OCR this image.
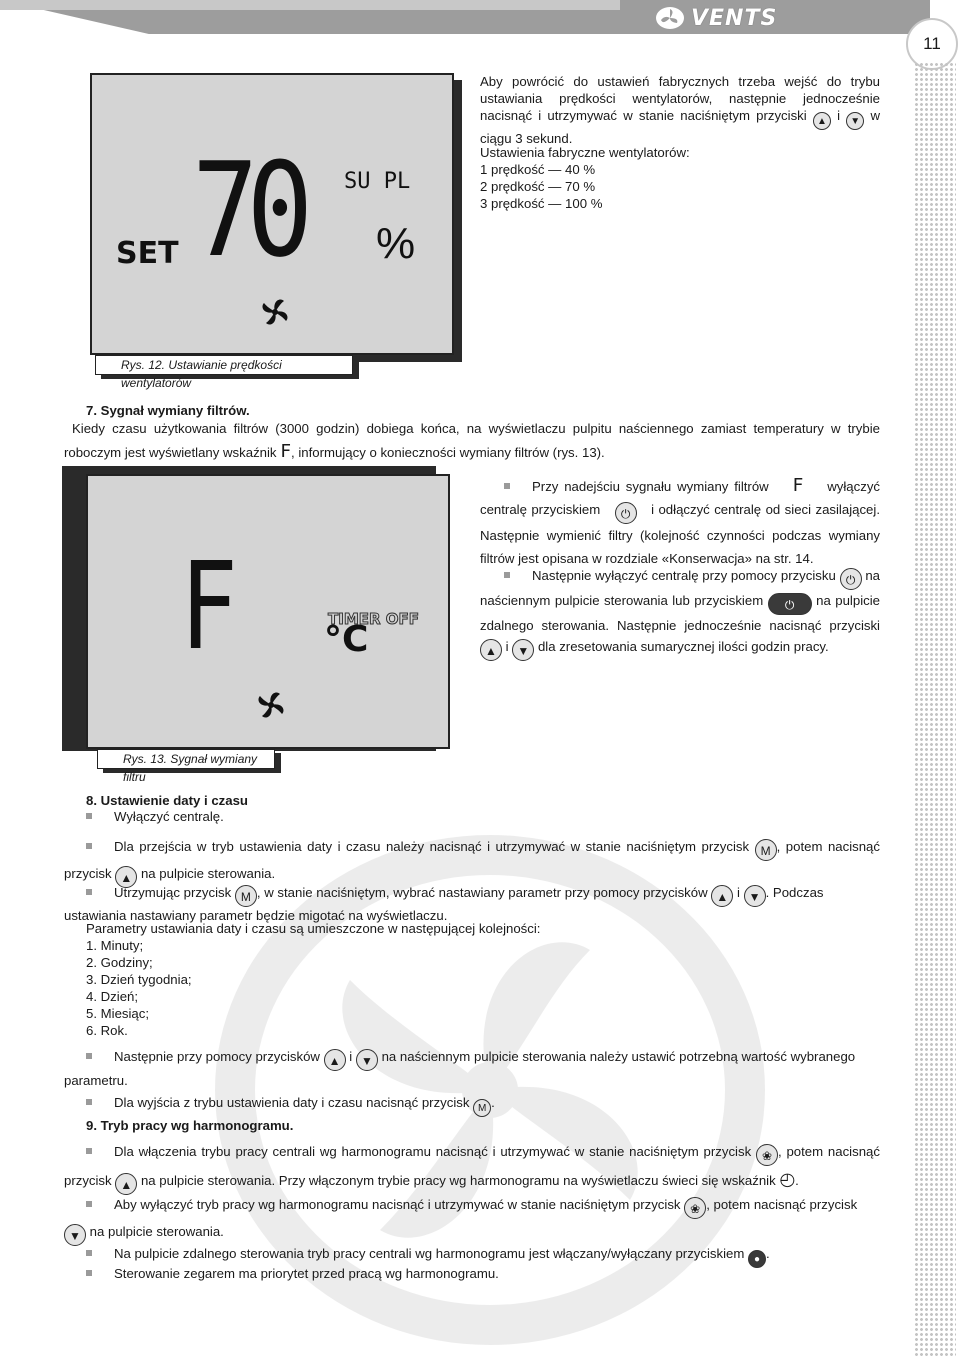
VENTS
11
SET 70 SU PL
%
Rys. 12. Ustawianie prędkości wentylatorów
Aby powrócić do ustawień fabrycznych trzeba wejść do trybu ustawiania prędkości wentylatorów, następnie jednocześnie nacisnąć i utrzymywać w stanie naciśniętym przyciski ▲ i ▼ w ciągu 3 sekund.
Ustawienia fabryczne wentylatorów:
1 prędkość — 40 %
2 prędkość — 70 %
3 prędkość — 100 %
7. Sygnał wymiany filtrów.
Kiedy czasu użytkowania filtrów (3000 godzin) dobiega końca, na wyświetlaczu pulpitu naściennego zamiast temperatury w trybie roboczym jest wyświetlany wskaźnik F, informujący o konieczności wymiany filtrów (rys. 13).
F	TIMER OFF
°C
Rys. 13. Sygnał wymiany filtru
Przy nadejściu sygnału wymiany filtrów F wyłączyć centralę przyciskiem ⏻ i odłączyć centralę od sieci zasilającej. Następnie wymienić filtry (kolejność czynności podczas wymiany filtrów jest opisana w rozdziale «Konserwacja» na str. 14.
Następnie wyłączyć centralę przy pomocy przycisku ⏻ na naściennym pulpicie sterowania lub przyciskiem ⏻ na pulpicie zdalnego sterowania. Następnie jednocześnie nacisnąć przyciski ▲ i ▼ dla zresetowania sumarycznej ilości godzin pracy.
8. Ustawienie daty i czasu
Wyłączyć centralę.
Dla przejścia w tryb ustawienia daty i czasu należy nacisnąć i utrzymywać w stanie naciśniętym przycisk M , potem nacisnąć przycisk ▲ na pulpicie sterowania.
Utrzymując przycisk M , w stanie naciśniętym, wybrać nastawiany parametr przy pomocy przycisków ▲ i ▼ . Podczas
ustawiania nastawiany parametr będzie migotać na wyświetlaczu.
Parametry ustawiania daty i czasu są umieszczone w następującej kolejności:
1. Minuty;
2. Godziny;
3. Dzień tygodnia;
4. Dzień;
5. Miesiąc;
6. Rok.
Następnie przy pomocy przycisków ▲ i ▼ na naściennym pulpicie sterowania należy ustawić potrzebną wartość wybranego
parametru.
Dla wyjścia z trybu ustawienia daty i czasu nacisnąć przycisk M .
9. Tryb pracy wg harmonogramu.
Dla włączenia trybu pracy centrali wg harmonogramu nacisnąć i utrzymywać w stanie naciśniętym przycisk ❀ , potem nacisnąć przycisk ▲ na pulpicie sterowania. Przy włączonym trybie pracy wg harmonogramu na wyświetlaczu świeci się wskaźnik ◴.
Aby wyłączyć tryb pracy wg harmonogramu nacisnąć i utrzymywać w stanie naciśniętym przycisk ❀ , potem nacisnąć przycisk
▼ na pulpicie sterowania.
Na pulpicie zdalnego sterowania tryb pracy centrali wg harmonogramu jest włączany/wyłączany przyciskiem ● .
Sterowanie zegarem ma priorytet przed pracą wg harmonogramu.
